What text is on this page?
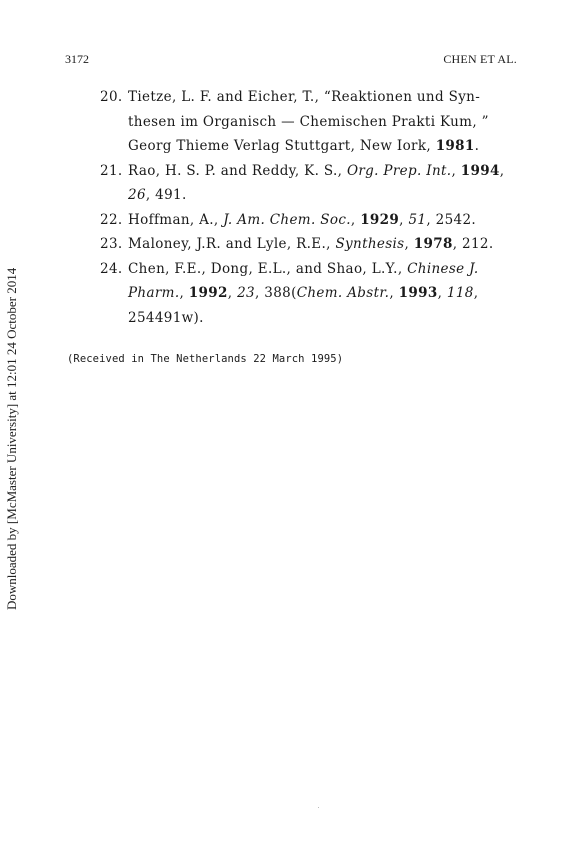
3172	CHEN ET AL.
Downloaded by [McMaster University] at 12:01 24 October 2014
20. Tietze, L. F. and Eicher, T., “Reaktionen und Syn-thesen im Organisch — Chemischen Prakti Kum, ” Georg Thieme Verlag Stuttgart, New Iork, 1981.
21. Rao, H. S. P. and Reddy, K. S., Org. Prep. Int., 1994, 26, 491.
22. Hoffman, A., J. Am. Chem. Soc., 1929, 51, 2542.
23. Maloney, J.R. and Lyle, R.E., Synthesis, 1978, 212.
24. Chen, F.E., Dong, E.L., and Shao, L.Y., Chinese J. Pharm., 1992, 23, 388(Chem. Abstr., 1993, 118, 254491w).
(Received in The Netherlands 22 March 1995)
